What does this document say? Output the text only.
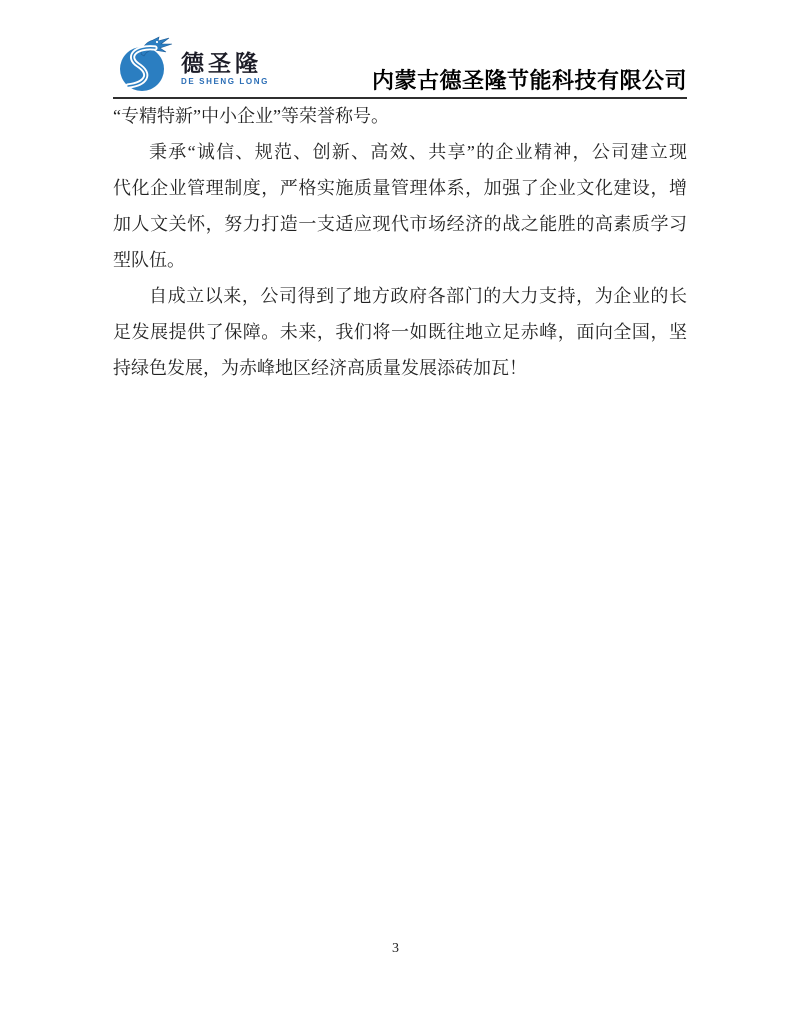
德圣隆
DE SHENG LONG	内蒙古德圣隆节能科技有限公司
“专精特新”中小企业”等荣誉称号。
秉承“诚信、规范、创新、高效、共享”的企业精神，公司建立现
代化企业管理制度，严格实施质量管理体系，加强了企业文化建设，增
加人文关怀，努力打造一支适应现代市场经济的战之能胜的高素质学习
型队伍。
自成立以来，公司得到了地方政府各部门的大力支持，为企业的长
足发展提供了保障。未来，我们将一如既往地立足赤峰，面向全国，坚
持绿色发展，为赤峰地区经济高质量发展添砖加瓦！
3
